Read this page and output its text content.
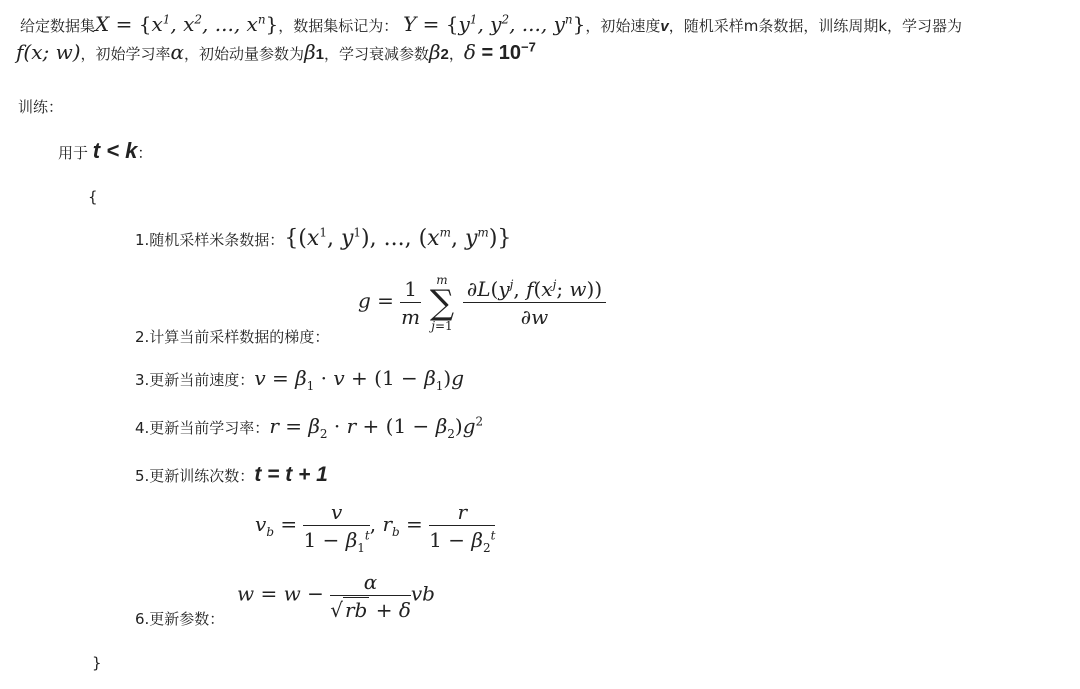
给定数据集$X = \{x^1$, $x^2$, ..., $x^n$}，数据集标记为： $Y = \{y^1$, $y^2$, ..., $y^n$}，初始速度v，随机采样m条数据，训练周期k，学习器为
f(x; w)，初始学习率α，初始动量参数为β1，学习衰减参数β2，$\delta = 10^{-7}$
训练：
用于 t < k：
{
1.随机采样米条数据：{($x^1$, $y^1$), ..., ($x^m$, $y^m$)}
$g = \frac{1}{m}$
	m
∑
j=1
$\frac{\partial L(y^j, f(x^j; w))}{\partial w}$
2.计算当前采样数据的梯度：
3.更新当前速度：$v = \beta_1 \cdot v + (1 - \beta_1)g$
4.更新当前学习率：$r = \beta_2 \cdot r + (1 - \beta_2)g^2$
5.更新训练次数：t = t + 1
$v_b = \frac{v}{1 - \beta_1^t}$ , $r_b = \frac{r}{1 - \beta_2^t}$
$w = w - \frac{\alpha}{√ rb + \delta}$ vb
6.更新参数：
}
